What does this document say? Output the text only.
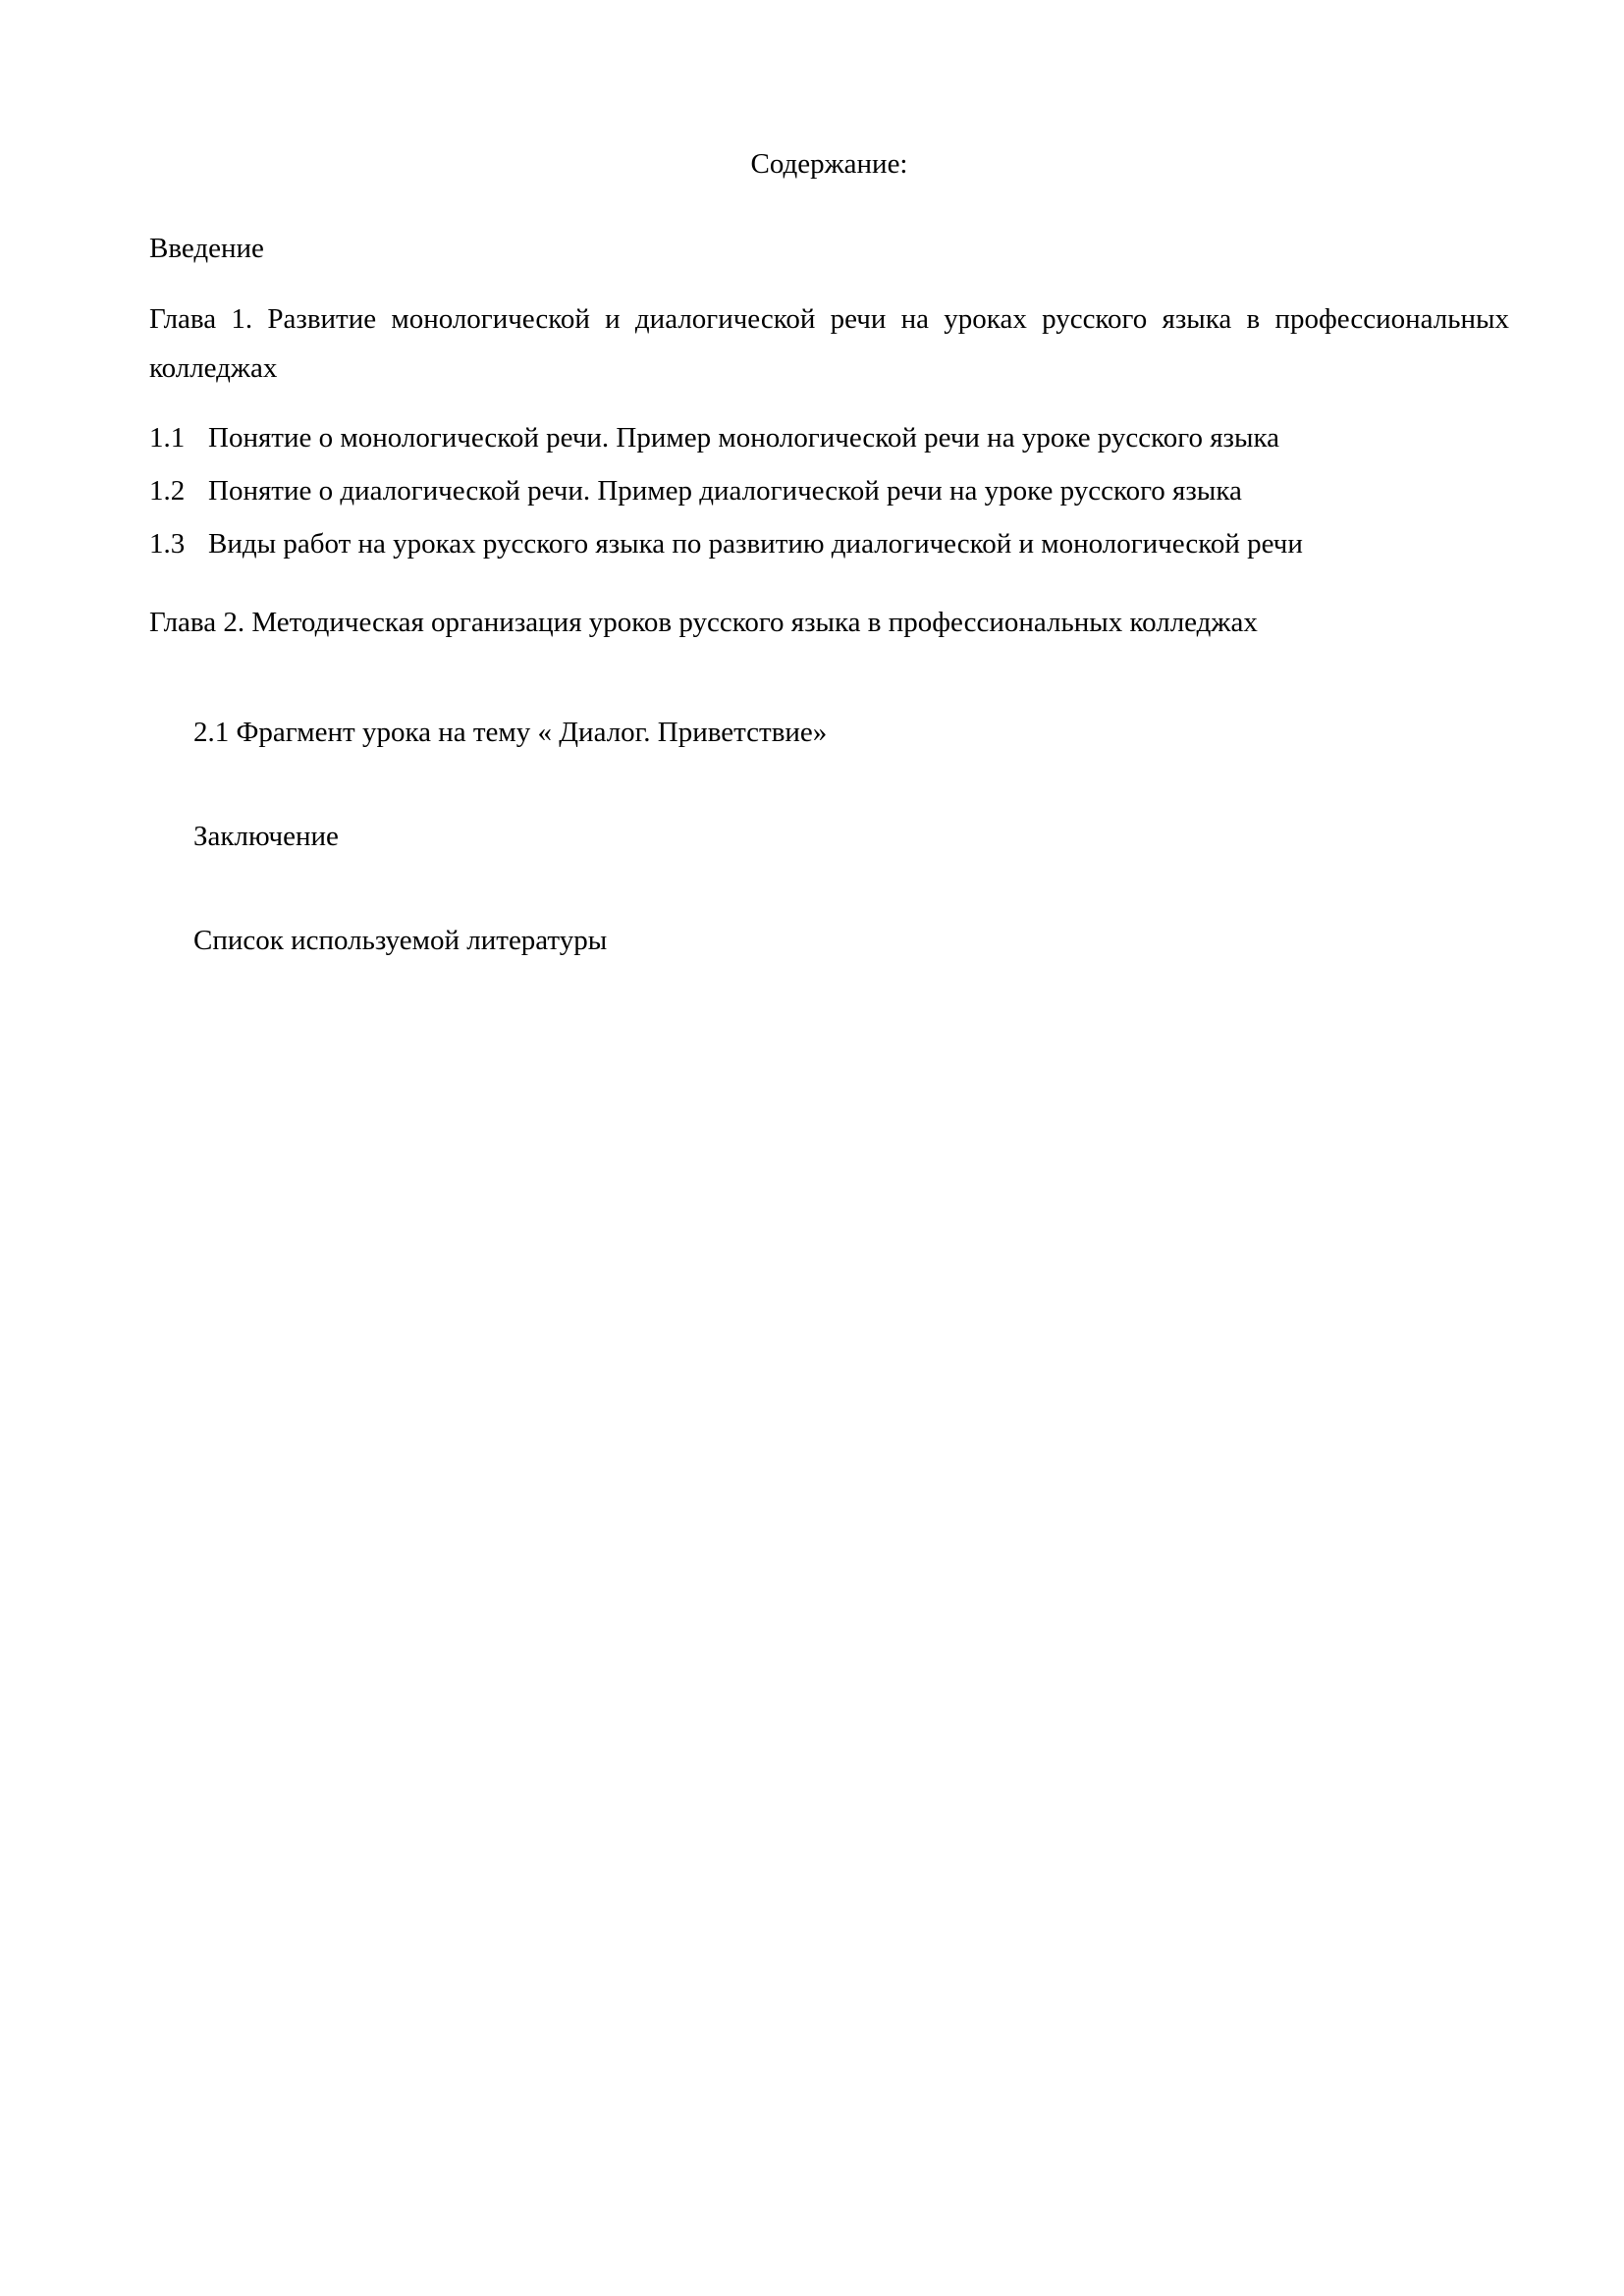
Содержание:

Введение

Глава 1. Развитие монологической и диалогической речи на уроках русского языка в профессиональных колледжах

1.1 Понятие о монологической речи. Пример монологической речи на уроке русского языка

1.2 Понятие о диалогической речи. Пример диалогической речи на уроке русского языка

1.3 Виды работ на уроках русского языка по развитию диалогической и монологической речи

Глава 2. Методическая организация уроков русского языка в профессиональных колледжах

2.1 Фрагмент урока на тему « Диалог. Приветствие»

Заключение

Список используемой литературы
